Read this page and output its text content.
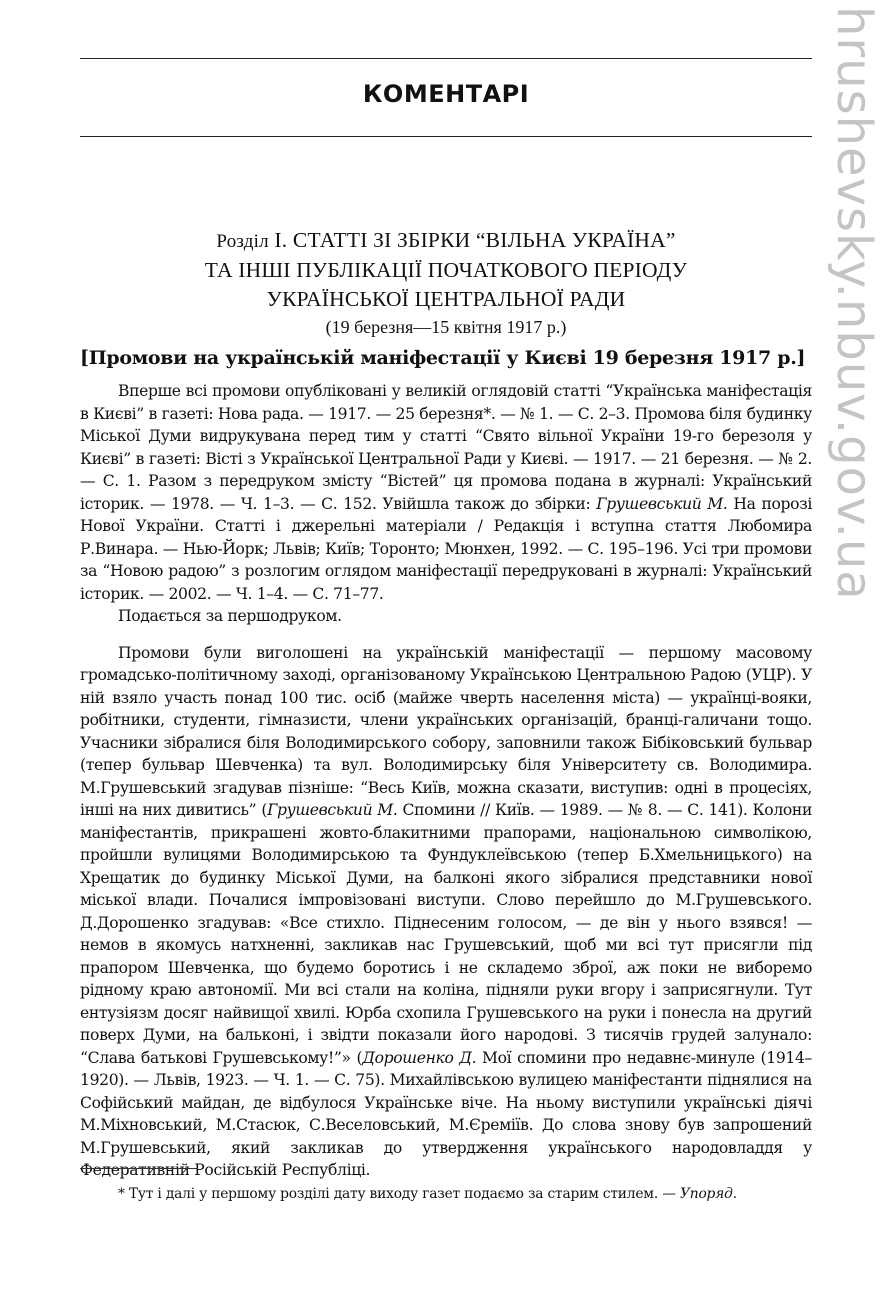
КОМЕНТАРІ
Розділ I. СТАТТІ ЗІ ЗБІРКИ “ВІЛЬНА УКРАЇНА”
ТА ІНШІ ПУБЛІКАЦІЇ ПОЧАТКОВОГО ПЕРІОДУ
УКРАЇНСЬКОЇ ЦЕНТРАЛЬНОЇ РАДИ
(19 березня—15 квітня 1917 р.)
[Промови на українській маніфестації у Києві 19 березня 1917 р.]

Вперше всі промови опубліковані у великій оглядовій статті “Українська маніфестація в Києві” в газеті: Нова рада. — 1917. — 25 березня*. — № 1. — С. 2–3. Промова біля будинку Міської Думи видрукувана перед тим у статті “Свято вільної України 19-го березоля у Києві” в газеті: Вісті з Української Центральної Ради у Києві. — 1917. — 21 березня. — № 2. — С. 1. Разом з передруком змісту “Вістей” ця промова подана в журналі: Український історик. — 1978. — Ч. 1–3. — С. 152. Увійшла також до збірки: Грушевський М. На порозі Нової України. Статті і джерельні матеріали / Редакція і вступна стаття Любомира Р.Винара. — Нью-Йорк; Львів; Київ; Торонто; Мюнхен, 1992. — С. 195–196. Усі три промови за “Новою радою” з розлогим оглядом маніфестації передруковані в журналі: Український історик. — 2002. — Ч. 1–4. — С. 71–77.

Подається за першодруком.

Промови були виголошені на українській маніфестації — першому масовому громадсько-політичному заході, організованому Українською Центральною Радою (УЦР). У ній взяло участь понад 100 тис. осіб (майже чверть населення міста) — українці-вояки, робітники, студенти, гімназисти, члени українських організацій, бранці-галичани тощо. Учасники зібралися біля Володимирського собору, заповнили також Бібіковський бульвар (тепер бульвар Шевченка) та вул. Володимирську біля Університету св. Володимира. М.Грушевський згадував пізніше: “Весь Київ, можна сказати, виступив: одні в процесіях, інші на них дивитись” (Грушевський М. Спомини // Київ. — 1989. — № 8. — С. 141). Колони маніфестантів, прикрашені жовто-блакитними прапорами, національною символікою, пройшли вулицями Володимирською та Фундуклеївською (тепер Б.Хмельницького) на Хрещатик до будинку Міської Думи, на балконі якого зібралися представники нової міської влади. Почалися імпровізовані виступи. Слово перейшло до М.Грушевського. Д.Дорошенко згадував: «Все стихло. Піднесеним голосом, — де він у нього взявся! — немов в якомусь натхненні, закликав нас Грушевський, щоб ми всі тут присягли під прапором Шевченка, що будемо боротись і не складемо зброї, аж поки не виборемо рідному краю автономії. Ми всі стали на коліна, підняли руки вгору і заприсягнули. Тут ентузіязм досяг найвищої хвилі. Юрба схопила Грушевського на руки і понесла на другий поверх Думи, на бальконі, і звідти показали його народові. З тисячів грудей залунало: “Слава батькові Грушевському!”» (Дорошенко Д. Мої спомини про недавнє-минуле (1914–1920). — Львів, 1923. — Ч. 1. — С. 75). Михайлівською вулицею маніфестанти піднялися на Софійський майдан, де відбулося Українське віче. На ньому виступили українські діячі М.Міхновський, М.Стасюк, С.Веселовський, М.Єреміїв. До слова знову був запрошений М.Грушевський, який закликав до утвердження українського народовладдя у Федеративній Російській Республіці.

* Тут і далі у першому розділі дату виходу газет подаємо за старим стилем. — Упоряд.
hrushevsky.nbuv.gov.ua
